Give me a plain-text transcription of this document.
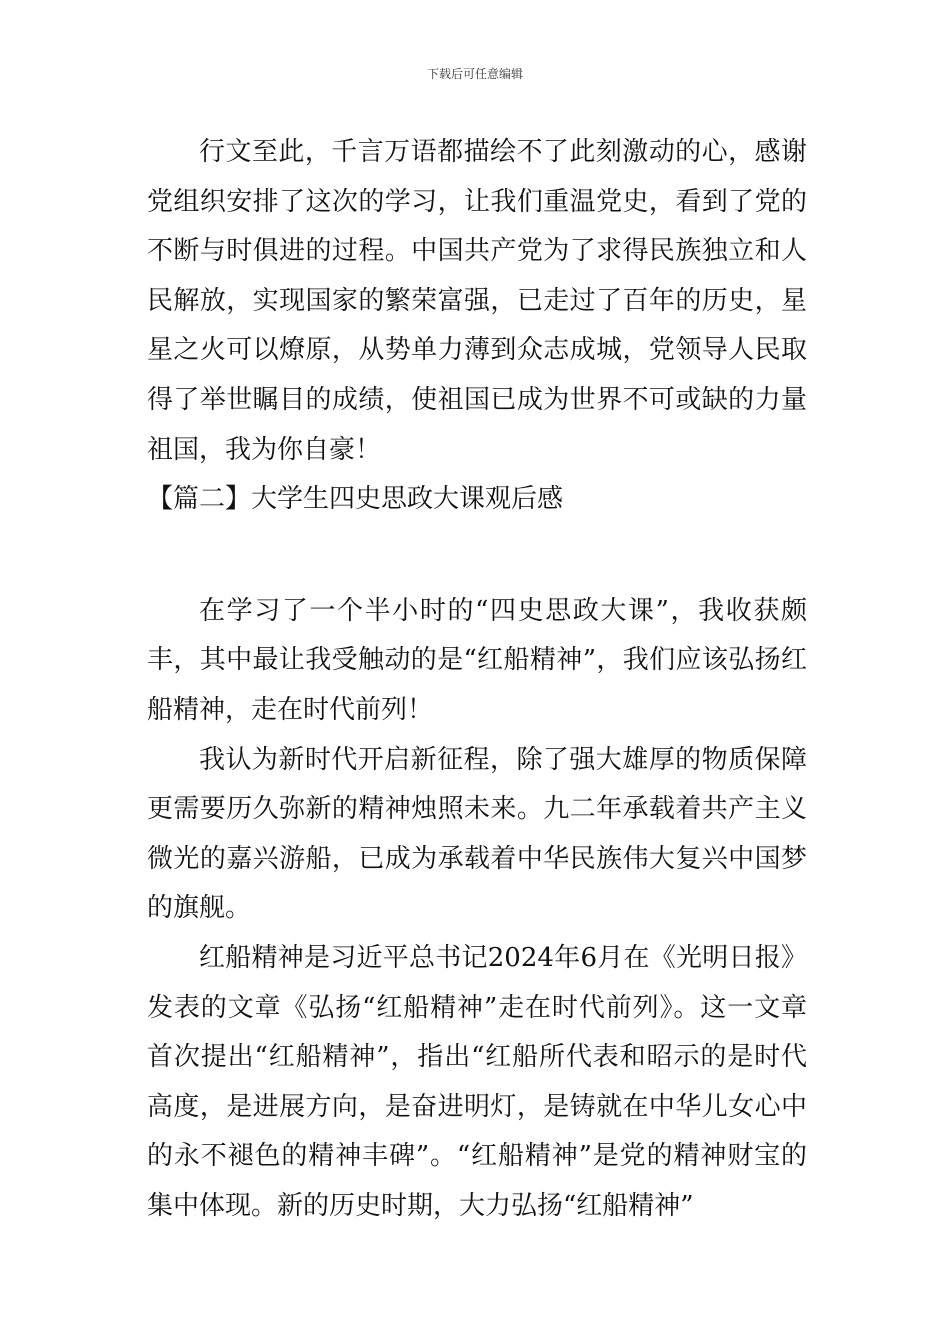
下载后可任意编辑

行文至此，千言万语都描绘不了此刻激动的心，感谢党组织安排了这次的学习，让我们重温党史，看到了党的不断与时俱进的过程。中国共产党为了求得民族独立和人民解放，实现国家的繁荣富强，已走过了百年的历史，星星之火可以燎原，从势单力薄到众志成城，党领导人民取得了举世瞩目的成绩，使祖国已成为世界不可或缺的力量祖国，我为你自豪！

【篇二】大学生四史思政大课观后感

在学习了一个半小时的“四史思政大课”，我收获颇丰，其中最让我受触动的是“红船精神”，我们应该弘扬红船精神，走在时代前列！

我认为新时代开启新征程，除了强大雄厚的物质保障更需要历久弥新的精神烛照未来。九二年承载着共产主义微光的嘉兴游船，已成为承载着中华民族伟大复兴中国梦的旗舰。

红船精神是习近平总书记2024年6月在《光明日报》发表的文章《弘扬“红船精神”走在时代前列》。这一文章首次提出“红船精神”，指出“红船所代表和昭示的是时代高度，是进展方向，是奋进明灯，是铸就在中华儿女心中的永不褪色的精神丰碑”。“红船精神”是党的精神财宝的集中体现。新的历史时期，大力弘扬“红船精神”
